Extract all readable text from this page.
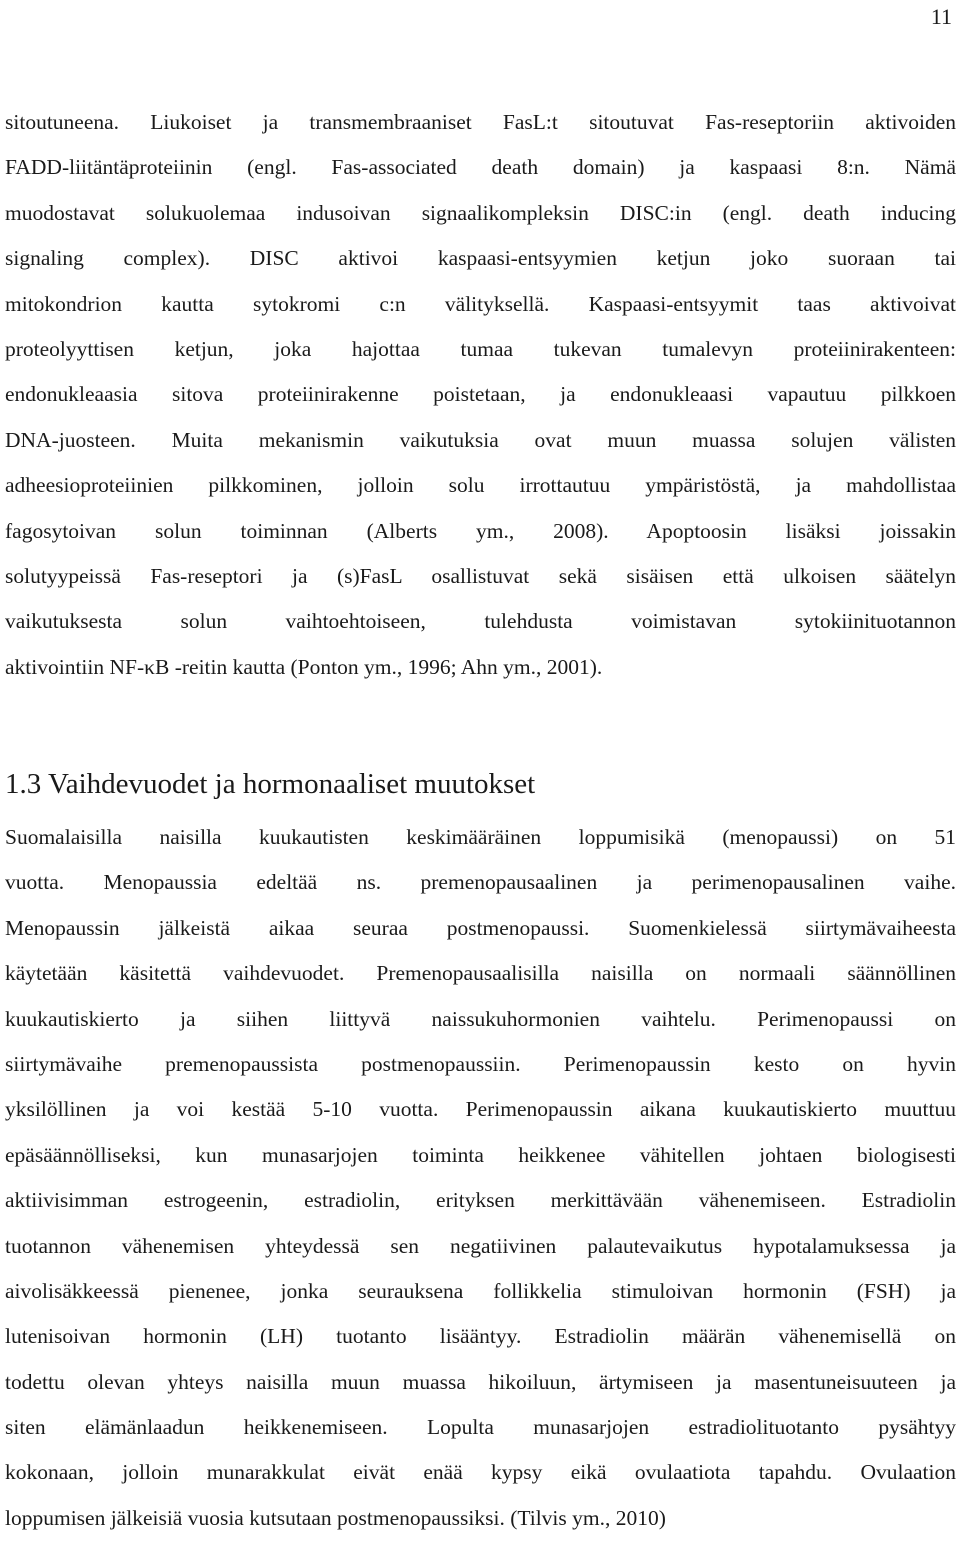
11
sitoutuneena. Liukoiset ja transmembraaniset FasL:t sitoutuvat Fas-reseptoriin aktivoiden
FADD-liitäntäproteiinin (engl. Fas-associated death domain) ja kaspaasi 8:n. Nämä
muodostavat solukuolemaa indusoivan signaalikompleksin DISC:in (engl. death inducing
signaling complex). DISC aktivoi kaspaasi-entsyymien ketjun joko suoraan tai
mitokondrion kautta sytokromi c:n välityksellä. Kaspaasi-entsyymit taas aktivoivat
proteolyyttisen ketjun, joka hajottaa tumaa tukevan tumalevyn proteiinirakenteen:
endonukleaasia sitova proteiinirakenne poistetaan, ja endonukleaasi vapautuu pilkkoen
DNA-juosteen. Muita mekanismin vaikutuksia ovat muun muassa solujen välisten
adheesioproteiinien pilkkominen, jolloin solu irrottautuu ympäristöstä, ja mahdollistaa
fagosytoivan solun toiminnan (Alberts ym., 2008). Apoptoosin lisäksi joissakin
solutyypeissä Fas-reseptori ja (s)FasL osallistuvat sekä sisäisen että ulkoisen säätelyn
vaikutuksesta solun vaihtoehtoiseen, tulehdusta voimistavan sytokiinituotannon
aktivointiin NF-κB -reitin kautta (Ponton ym., 1996; Ahn ym., 2001).
1.3 Vaihdevuodet ja hormonaaliset muutokset
Suomalaisilla naisilla kuukautisten keskimääräinen loppumisikä (menopaussi) on 51
vuotta. Menopaussia edeltää ns. premenopausaalinen ja perimenopausalinen vaihe.
Menopaussin jälkeistä aikaa seuraa postmenopaussi. Suomenkielessä siirtymävaiheesta
käytetään käsitettä vaihdevuodet. Premenopausaalisilla naisilla on normaali säännöllinen
kuukautiskierto ja siihen liittyvä naissukuhormonien vaihtelu. Perimenopaussi on
siirtymävaihe premenopaussista postmenopaussiin. Perimenopaussin kesto on hyvin
yksilöllinen ja voi kestää 5-10 vuotta. Perimenopaussin aikana kuukautiskierto muuttuu
epäsäännölliseksi, kun munasarjojen toiminta heikkenee vähitellen johtaen biologisesti
aktiivisimman estrogeenin, estradiolin, erityksen merkittävään vähenemiseen. Estradiolin
tuotannon vähenemisen yhteydessä sen negatiivinen palautevaikutus hypotalamuksessa ja
aivolisäkkeessä pienenee, jonka seurauksena follikkelia stimuloivan hormonin (FSH) ja
lutenisoivan hormonin (LH) tuotanto lisääntyy. Estradiolin määrän vähenemisellä on
todettu olevan yhteys naisilla muun muassa hikoiluun, ärtymiseen ja masentuneisuuteen ja
siten elämänlaadun heikkenemiseen. Lopulta munasarjojen estradiolituotanto pysähtyy
kokonaan, jolloin munarakkulat eivät enää kypsy eikä ovulaatiota tapahdu. Ovulaation
loppumisen jälkeisiä vuosia kutsutaan postmenopaussiksi. (Tilvis ym., 2010)
